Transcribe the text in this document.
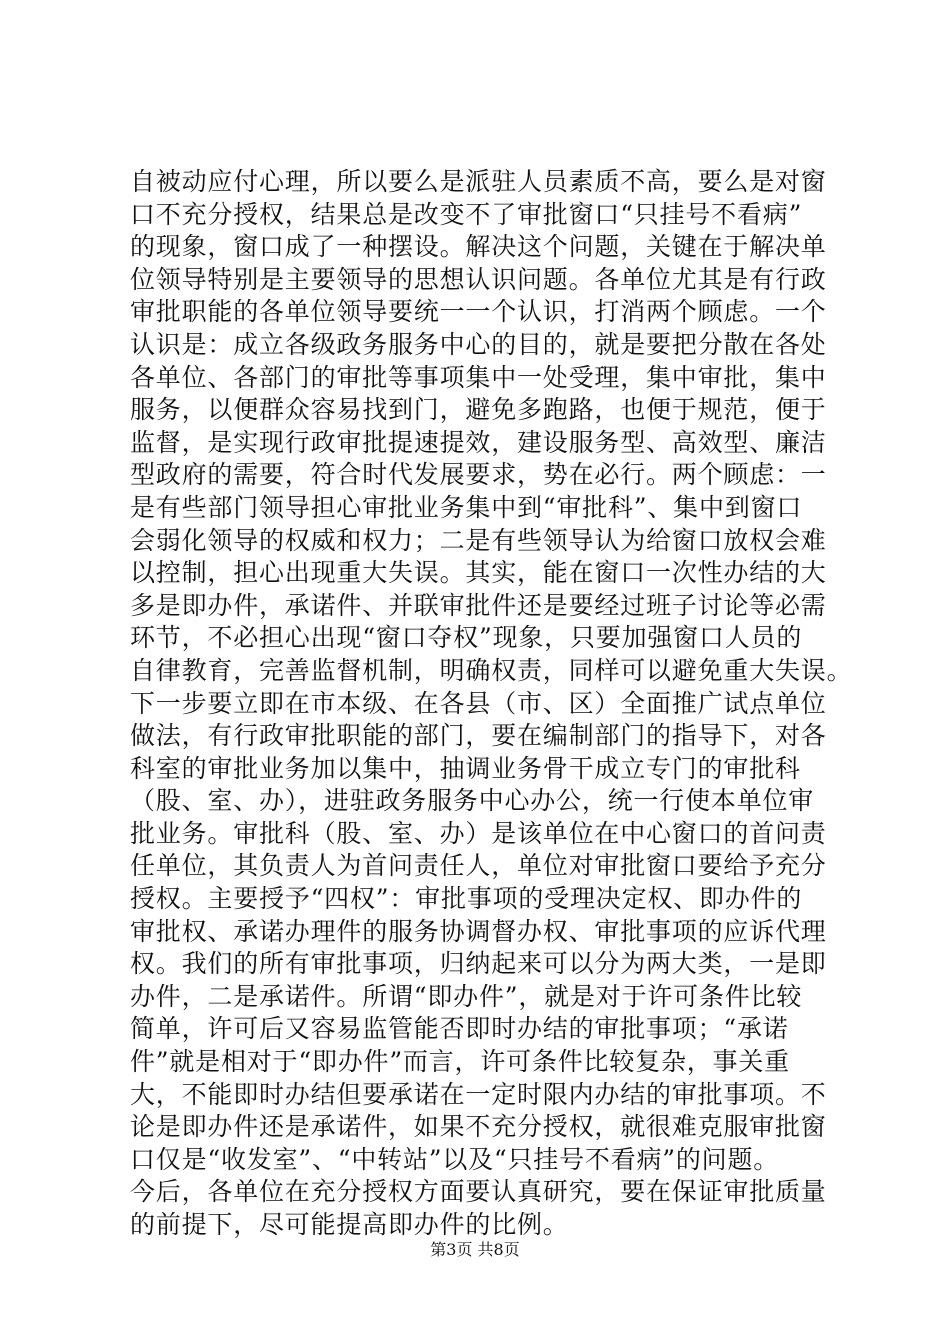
自被动应付心理，所以要么是派驻人员素质不高，要么是对窗
口不充分授权，结果总是改变不了审批窗口“只挂号不看病”
的现象，窗口成了一种摆设。解决这个问题，关键在于解决单
位领导特别是主要领导的思想认识问题。各单位尤其是有行政
审批职能的各单位领导要统一一个认识，打消两个顾虑。一个
认识是：成立各级政务服务中心的目的，就是要把分散在各处
各单位、各部门的审批等事项集中一处受理，集中审批，集中
服务，以便群众容易找到门，避免多跑路，也便于规范，便于
监督，是实现行政审批提速提效，建设服务型、高效型、廉洁
型政府的需要，符合时代发展要求，势在必行。两个顾虑：一
是有些部门领导担心审批业务集中到“审批科”、集中到窗口
会弱化领导的权威和权力；二是有些领导认为给窗口放权会难
以控制，担心出现重大失误。其实，能在窗口一次性办结的大
多是即办件，承诺件、并联审批件还是要经过班子讨论等必需
环节，不必担心出现“窗口夺权”现象，只要加强窗口人员的
自律教育，完善监督机制，明确权责，同样可以避免重大失误。
下一步要立即在市本级、在各县（市、区）全面推广试点单位
做法，有行政审批职能的部门，要在编制部门的指导下，对各
科室的审批业务加以集中，抽调业务骨干成立专门的审批科
（股、室、办），进驻政务服务中心办公，统一行使本单位审
批业务。审批科（股、室、办）是该单位在中心窗口的首问责
任单位，其负责人为首问责任人，单位对审批窗口要给予充分
授权。主要授予“四权”：审批事项的受理决定权、即办件的
审批权、承诺办理件的服务协调督办权、审批事项的应诉代理
权。我们的所有审批事项，归纳起来可以分为两大类，一是即
办件，二是承诺件。所谓“即办件”，就是对于许可条件比较
简单，许可后又容易监管能否即时办结的审批事项；“承诺
件”就是相对于“即办件”而言，许可条件比较复杂，事关重
大，不能即时办结但要承诺在一定时限内办结的审批事项。不
论是即办件还是承诺件，如果不充分授权，就很难克服审批窗
口仅是“收发室”、“中转站”以及“只挂号不看病”的问题。
今后，各单位在充分授权方面要认真研究，要在保证审批质量
的前提下，尽可能提高即办件的比例。
第3页 共8页
